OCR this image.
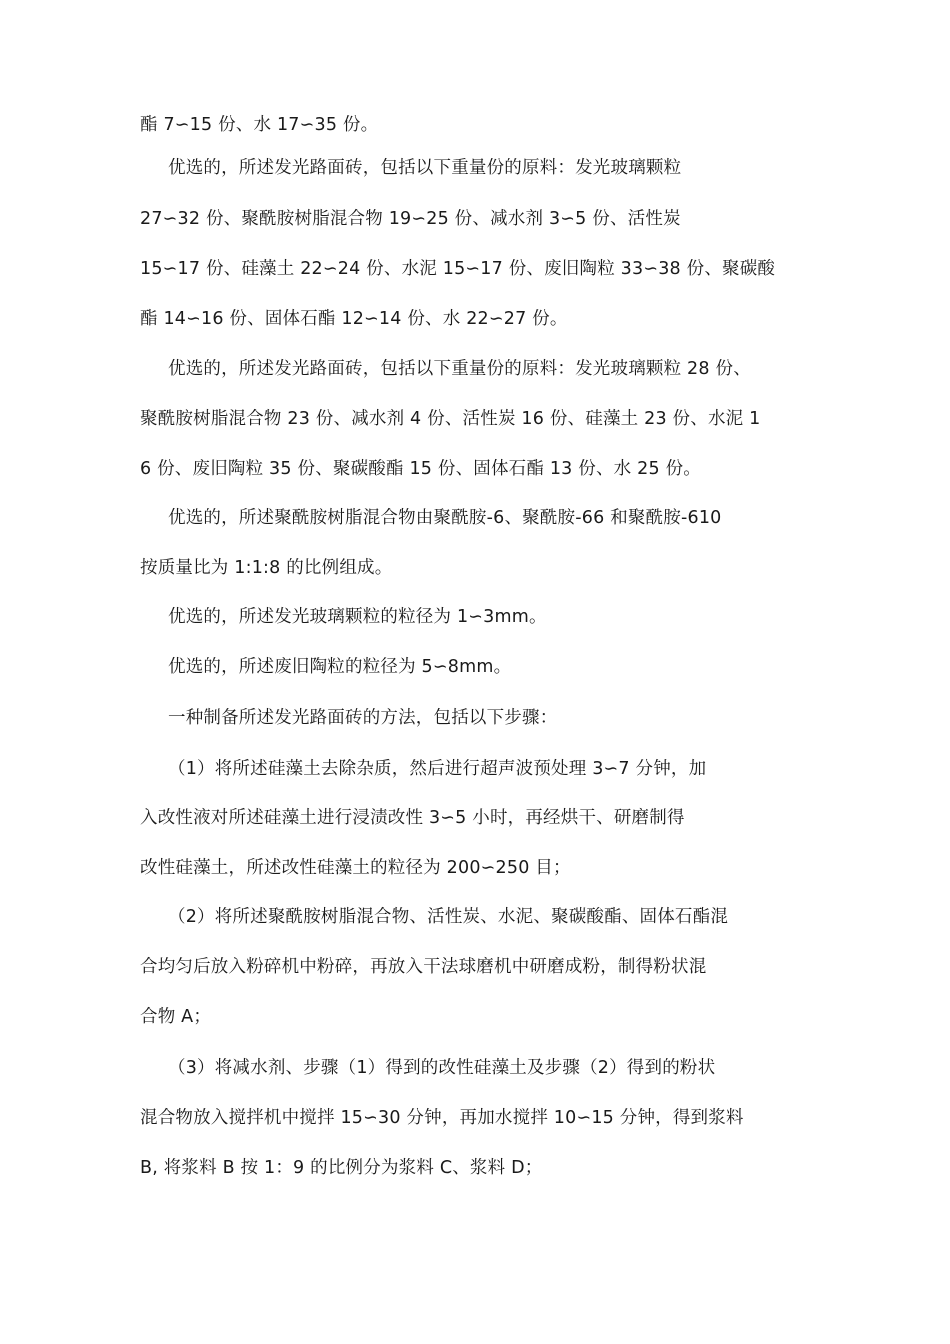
酯 7∽15 份、水 17∽35 份。
优选的，所述发光路面砖，包括以下重量份的原料：发光玻璃颗粒
27∽32 份、聚酰胺树脂混合物 19∽25 份、减水剂 3∽5 份、活性炭
15∽17 份、硅藻土 22∽24 份、水泥 15∽17 份、废旧陶粒 33∽38 份、聚碳酸
酯 14∽16 份、固体石酯 12∽14 份、水 22∽27 份。
优选的，所述发光路面砖，包括以下重量份的原料：发光玻璃颗粒 28 份、
聚酰胺树脂混合物 23 份、减水剂 4 份、活性炭 16 份、硅藻土 23 份、水泥 1
6 份、废旧陶粒 35 份、聚碳酸酯 15 份、固体石酯 13 份、水 25 份。
优选的，所述聚酰胺树脂混合物由聚酰胺-6、聚酰胺-66 和聚酰胺-610
按质量比为 1:1:8 的比例组成。
优选的，所述发光玻璃颗粒的粒径为 1∽3mm。
优选的，所述废旧陶粒的粒径为 5∽8mm。
一种制备所述发光路面砖的方法，包括以下步骤：
（1）将所述硅藻土去除杂质，然后进行超声波预处理 3∽7 分钟，加
入改性液对所述硅藻土进行浸渍改性 3∽5 小时，再经烘干、研磨制得
改性硅藻土，所述改性硅藻土的粒径为 200∽250 目；
（2）将所述聚酰胺树脂混合物、活性炭、水泥、聚碳酸酯、固体石酯混
合均匀后放入粉碎机中粉碎，再放入干法球磨机中研磨成粉，制得粉状混
合物 A；
（3）将减水剂、步骤（1）得到的改性硅藻土及步骤（2）得到的粉状
混合物放入搅拌机中搅拌 15∽30 分钟，再加水搅拌 10∽15 分钟，得到浆料
B, 将浆料 B 按 1：9 的比例分为浆料 C、浆料 D；
